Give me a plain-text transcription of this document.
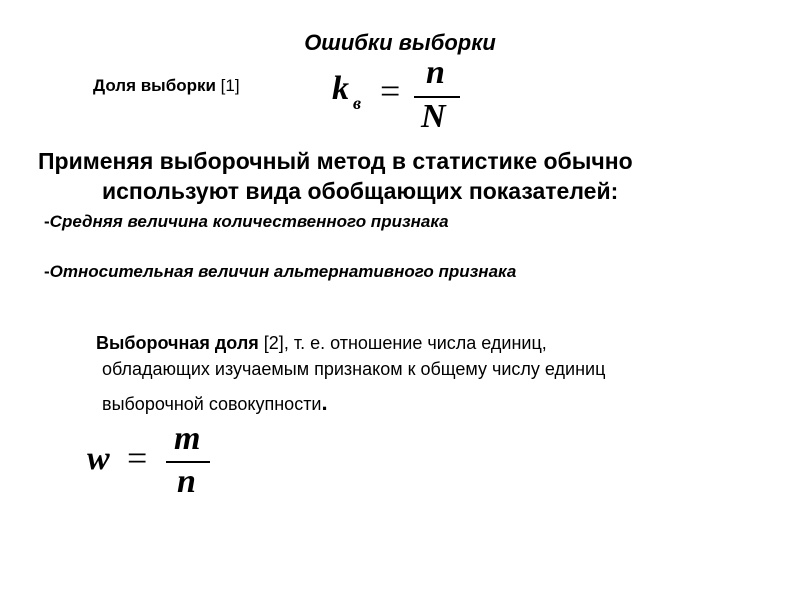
Ошибки выборки
Доля выборки [1]	k в = n
N
Применяя выборочный метод в статистике обычно
используют вида обобщающих показателей:
-Средняя величина количественного признака
-Относительная величин альтернативного признака
Выборочная доля [2], т. е. отношение числа единиц,
обладающих изучаемым признаком к общему числу единиц
выборочной совокупности.
w = m
n
